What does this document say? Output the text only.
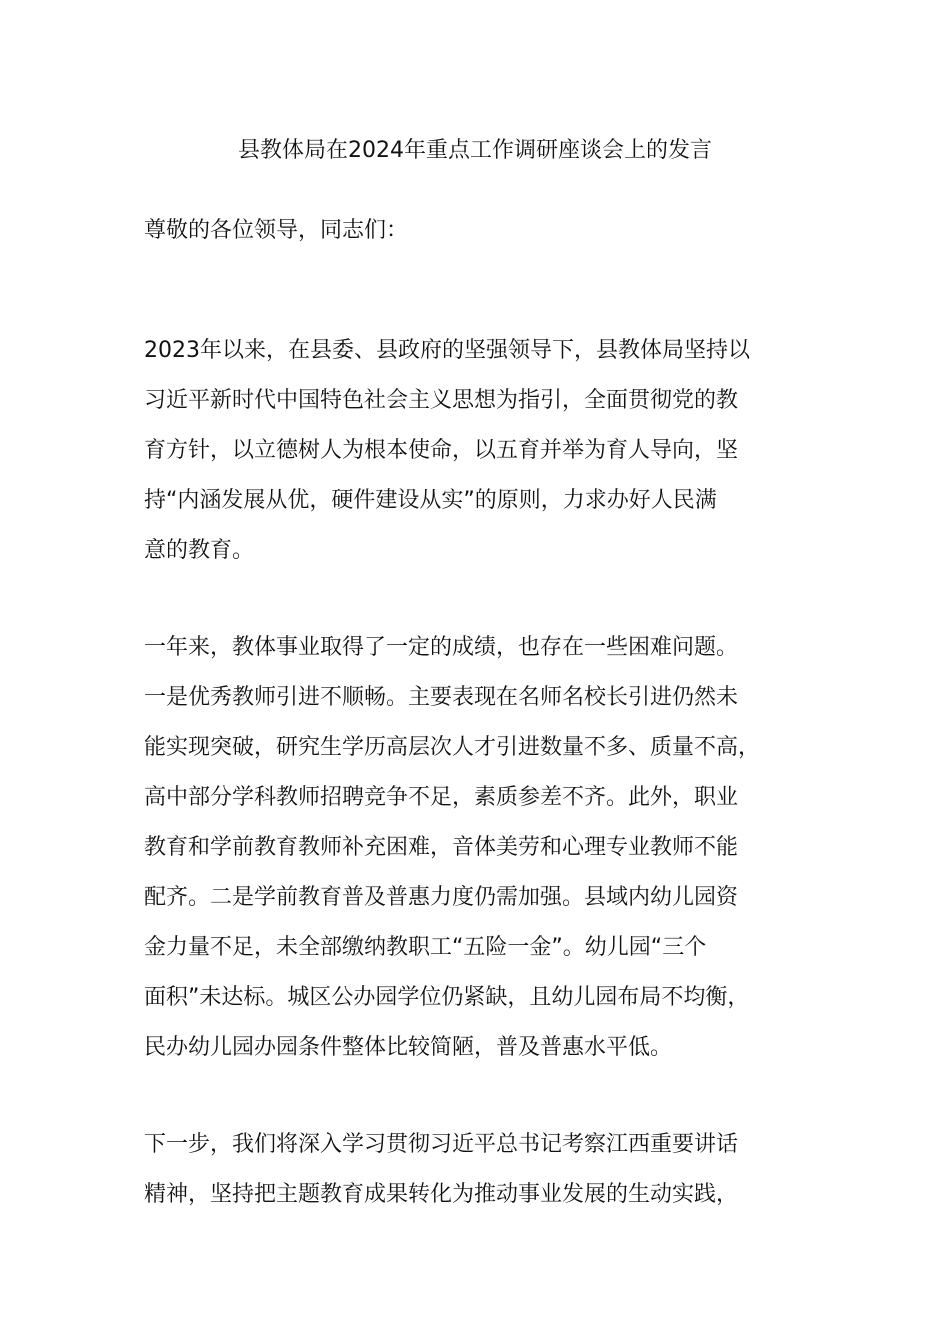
县教体局在2024年重点工作调研座谈会上的发言

尊敬的各位领导，同志们：

2023年以来，在县委、县政府的坚强领导下，县教体局坚持以
习近平新时代中国特色社会主义思想为指引，全面贯彻党的教
育方针，以立德树人为根本使命，以五育并举为育人导向，坚
持“内涵发展从优，硬件建设从实”的原则，力求办好人民满
意的教育。

一年来，教体事业取得了一定的成绩，也存在一些困难问题。
一是优秀教师引进不顺畅。主要表现在名师名校长引进仍然未
能实现突破，研究生学历高层次人才引进数量不多、质量不高，
高中部分学科教师招聘竞争不足，素质参差不齐。此外，职业
教育和学前教育教师补充困难，音体美劳和心理专业教师不能
配齐。二是学前教育普及普惠力度仍需加强。县域内幼儿园资
金力量不足，未全部缴纳教职工“五险一金”。幼儿园“三个
面积”未达标。城区公办园学位仍紧缺，且幼儿园布局不均衡，
民办幼儿园办园条件整体比较简陋，普及普惠水平低。

下一步，我们将深入学习贯彻习近平总书记考察江西重要讲话
精神，坚持把主题教育成果转化为推动事业发展的生动实践，
